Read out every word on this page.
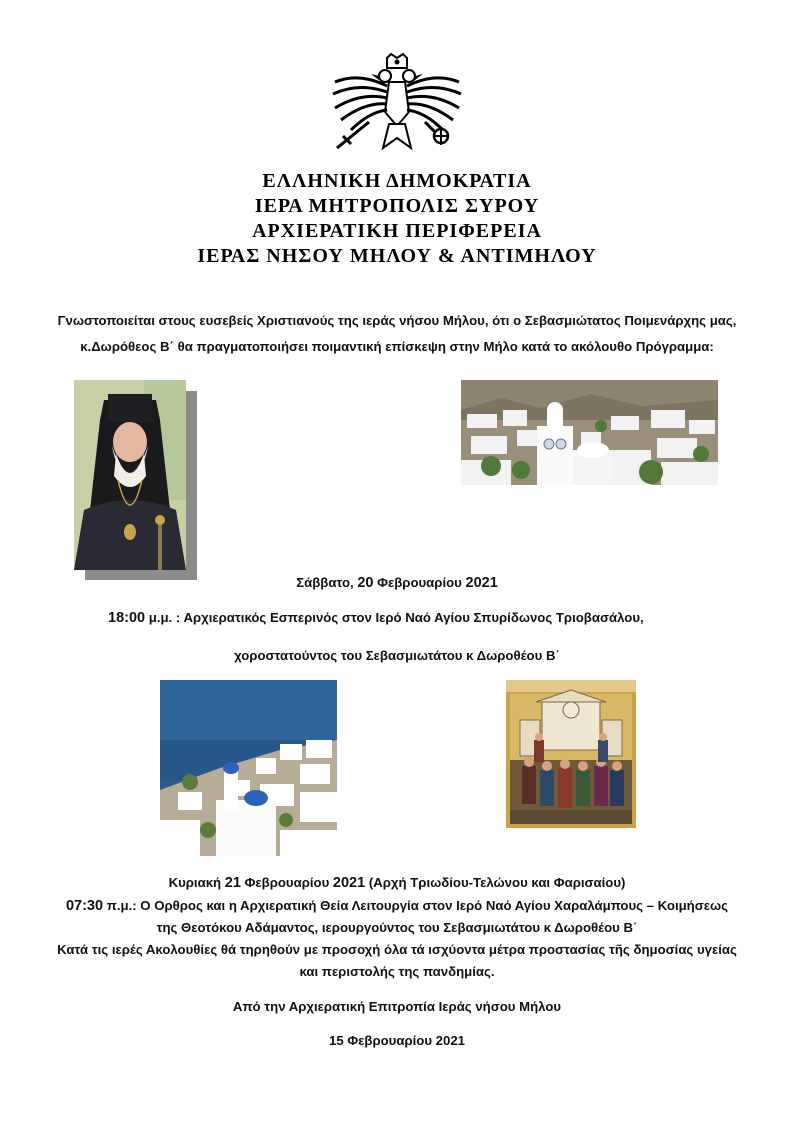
ΕΛΛΗΝΙΚΗ ΔΗΜΟΚΡΑΤΙΑ
ΙΕΡΑ ΜΗΤΡΟΠΟΛΙΣ ΣΥΡΟΥ
ΑΡΧΙΕΡΑΤΙΚΗ ΠΕΡΙΦΕΡΕΙΑ
ΙΕΡΑΣ ΝΗΣΟΥ ΜΗΛΟΥ & ΑΝΤΙΜΗΛΟΥ
Γνωστοποιείται στους ευσεβείς Χριστιανούς της ιεράς νήσου Μήλου, ότι ο Σεβασμιώτατος Ποιμενάρχης μας,
κ.Δωρόθεος Β΄ θα πραγματοποιήσει ποιμαντική επίσκεψη στην Μήλο κατά το ακόλουθο Πρόγραμμα:
Σάββατο, 20 Φεβρουαρίου 2021
18:00 μ.μ. : Αρχιερατικός Εσπερινός στον Ιερό Ναό Αγίου Σπυρίδωνος Τριοβασάλου,
χοροστατούντος του Σεβασμιωτάτου κ Δωροθέου Β΄
Κυριακή 21 Φεβρουαρίου 2021 (Αρχή Τριωδίου-Τελώνου και Φαρισαίου)
07:30 π.μ.: Ο Ορθρος και η Αρχιερατική Θεία Λειτουργία στον Ιερό Ναό Αγίου Χαραλάμπους – Κοιμήσεως
της Θεοτόκου Αδάμαντος, ιερουργούντος του Σεβασμιωτάτου κ Δωροθέου Β΄
Κατά τις ιερές Ακολουθίες θά τηρηθούν με προσοχή όλα τά ισχύοντα μέτρα προστασίας τῆς δημοσίας υγείας
και περιστολής της πανδημίας.
Από την Αρχιερατική Επιτροπία Ιεράς νήσου Μήλου
15 Φεβρουαρίου 2021
